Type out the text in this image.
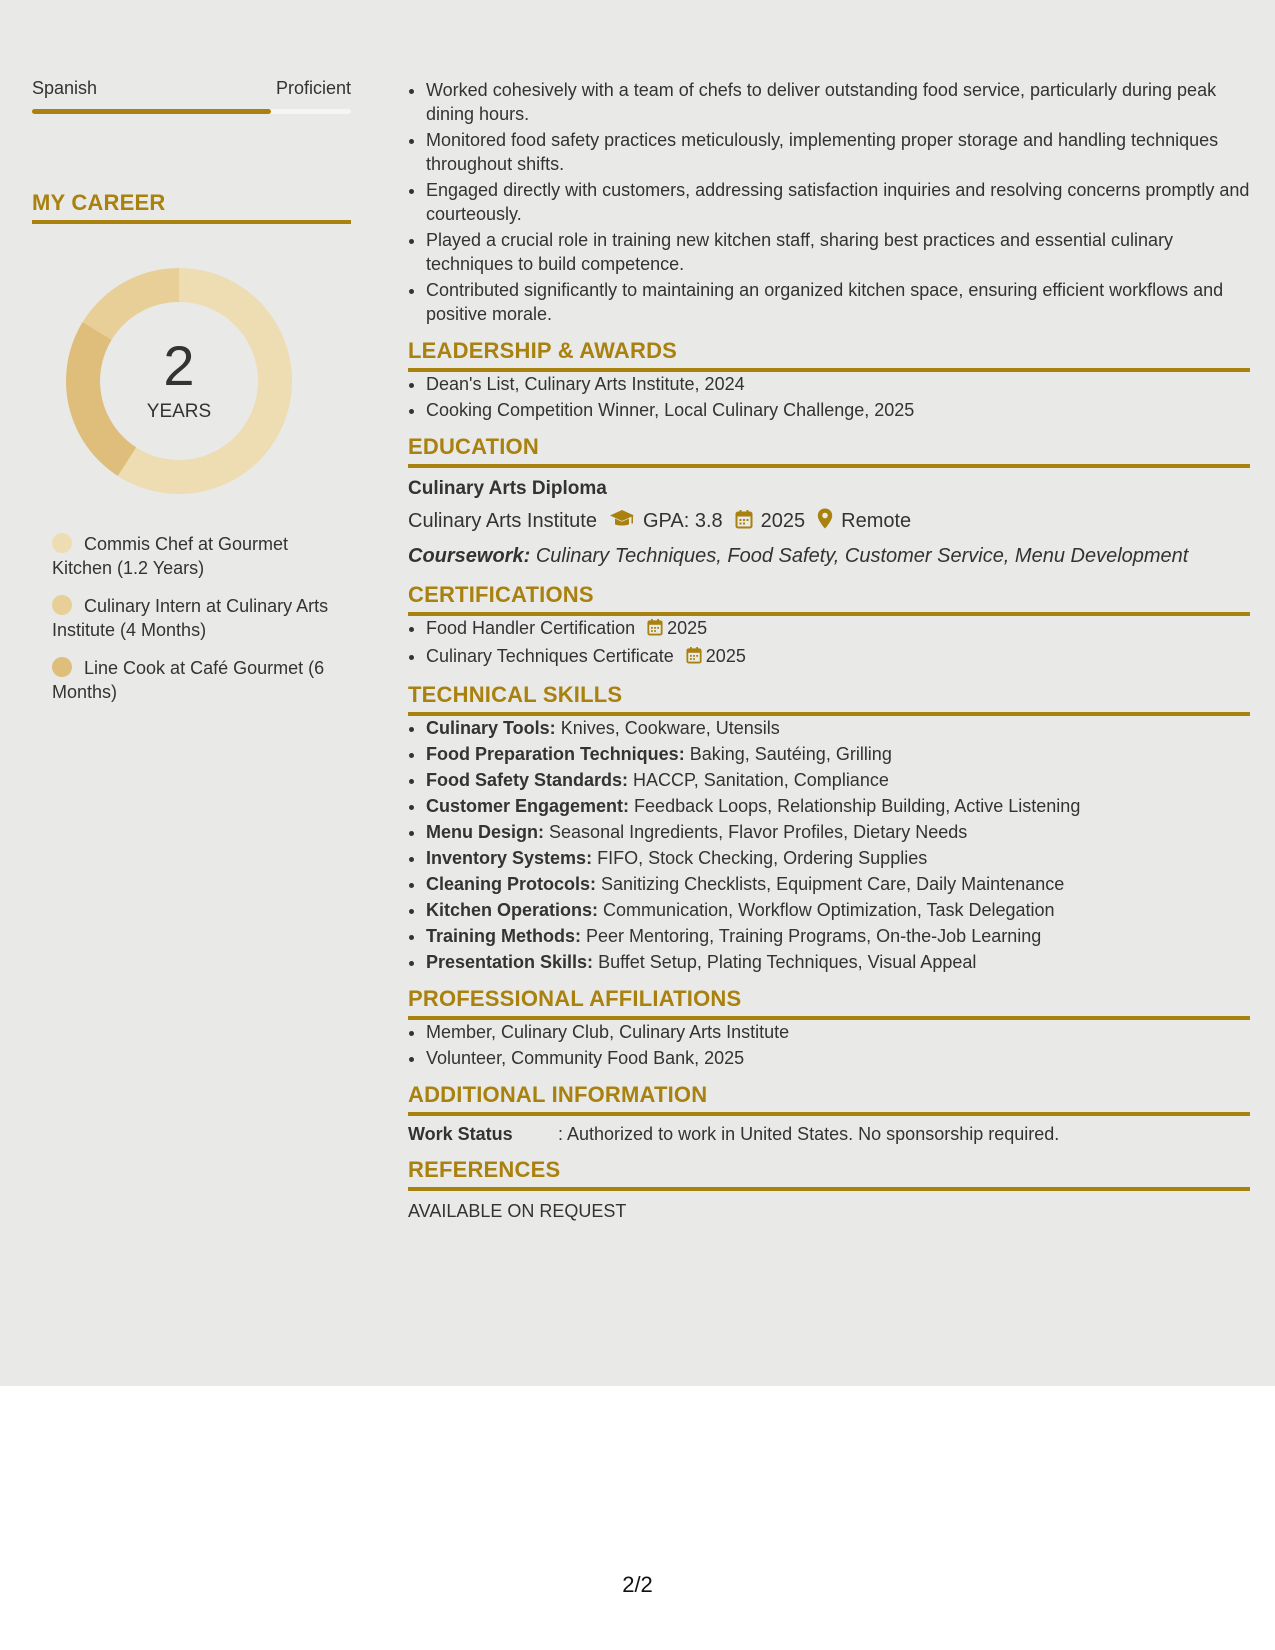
Spanish	Proficient
MY CAREER
2
YEARS
Commis Chef at Gourmet Kitchen (1.2 Years)
Culinary Intern at Culinary Arts Institute (4 Months)
Line Cook at Café Gourmet (6 Months)
• Worked cohesively with a team of chefs to deliver outstanding food service, particularly during peak dining hours.
• Monitored food safety practices meticulously, implementing proper storage and handling techniques throughout shifts.
• Engaged directly with customers, addressing satisfaction inquiries and resolving concerns promptly and courteously.
• Played a crucial role in training new kitchen staff, sharing best practices and essential culinary techniques to build competence.
• Contributed significantly to maintaining an organized kitchen space, ensuring efficient workflows and positive morale.
LEADERSHIP & AWARDS
• Dean's List, Culinary Arts Institute, 2024
• Cooking Competition Winner, Local Culinary Challenge, 2025
EDUCATION
Culinary Arts Diploma
Culinary Arts Institute GPA: 3.8 2025 Remote
Coursework: Culinary Techniques, Food Safety, Customer Service, Menu Development
CERTIFICATIONS
• Food Handler Certification 2025
• Culinary Techniques Certificate 2025
TECHNICAL SKILLS
• Culinary Tools: Knives, Cookware, Utensils
• Food Preparation Techniques: Baking, Sautéing, Grilling
• Food Safety Standards: HACCP, Sanitation, Compliance
• Customer Engagement: Feedback Loops, Relationship Building, Active Listening
• Menu Design: Seasonal Ingredients, Flavor Profiles, Dietary Needs
• Inventory Systems: FIFO, Stock Checking, Ordering Supplies
• Cleaning Protocols: Sanitizing Checklists, Equipment Care, Daily Maintenance
• Kitchen Operations: Communication, Workflow Optimization, Task Delegation
• Training Methods: Peer Mentoring, Training Programs, On-the-Job Learning
• Presentation Skills: Buffet Setup, Plating Techniques, Visual Appeal
PROFESSIONAL AFFILIATIONS
• Member, Culinary Club, Culinary Arts Institute
• Volunteer, Community Food Bank, 2025
ADDITIONAL INFORMATION
Work Status	: Authorized to work in United States. No sponsorship required.
REFERENCES
AVAILABLE ON REQUEST
2/2
